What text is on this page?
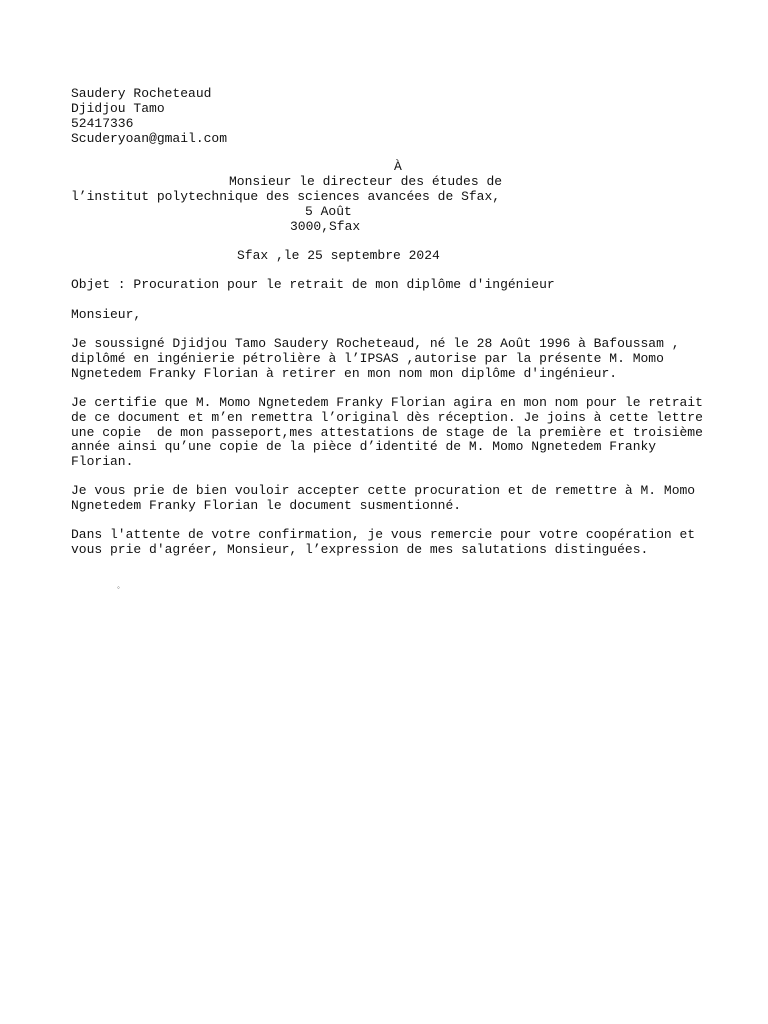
Saudery Rocheteaud
Djidjou Tamo
52417336
Scuderyoan@gmail.com
À
Monsieur le directeur des études de
l’institut polytechnique des sciences avancées de Sfax,
5 Août
3000,Sfax
Sfax ,le 25 septembre 2024
Objet : Procuration pour le retrait de mon diplôme d'ingénieur
Monsieur,
Je soussigné Djidjou Tamo Saudery Rocheteaud, né le 28 Août 1996 à Bafoussam ,
diplômé en ingénierie pétrolière à l’IPSAS ,autorise par la présente M. Momo
Ngnetedem Franky Florian à retirer en mon nom mon diplôme d'ingénieur.
Je certifie que M. Momo Ngnetedem Franky Florian agira en mon nom pour le retrait
de ce document et m’en remettra l’original dès réception. Je joins à cette lettre
une copie  de mon passeport,mes attestations de stage de la première et troisième
année ainsi qu’une copie de la pièce d’identité de M. Momo Ngnetedem Franky
Florian.
Je vous prie de bien vouloir accepter cette procuration et de remettre à M. Momo
Ngnetedem Franky Florian le document susmentionné.
Dans l'attente de votre confirmation, je vous remercie pour votre coopération et
vous prie d'agréer, Monsieur, l’expression de mes salutations distinguées.
◦
